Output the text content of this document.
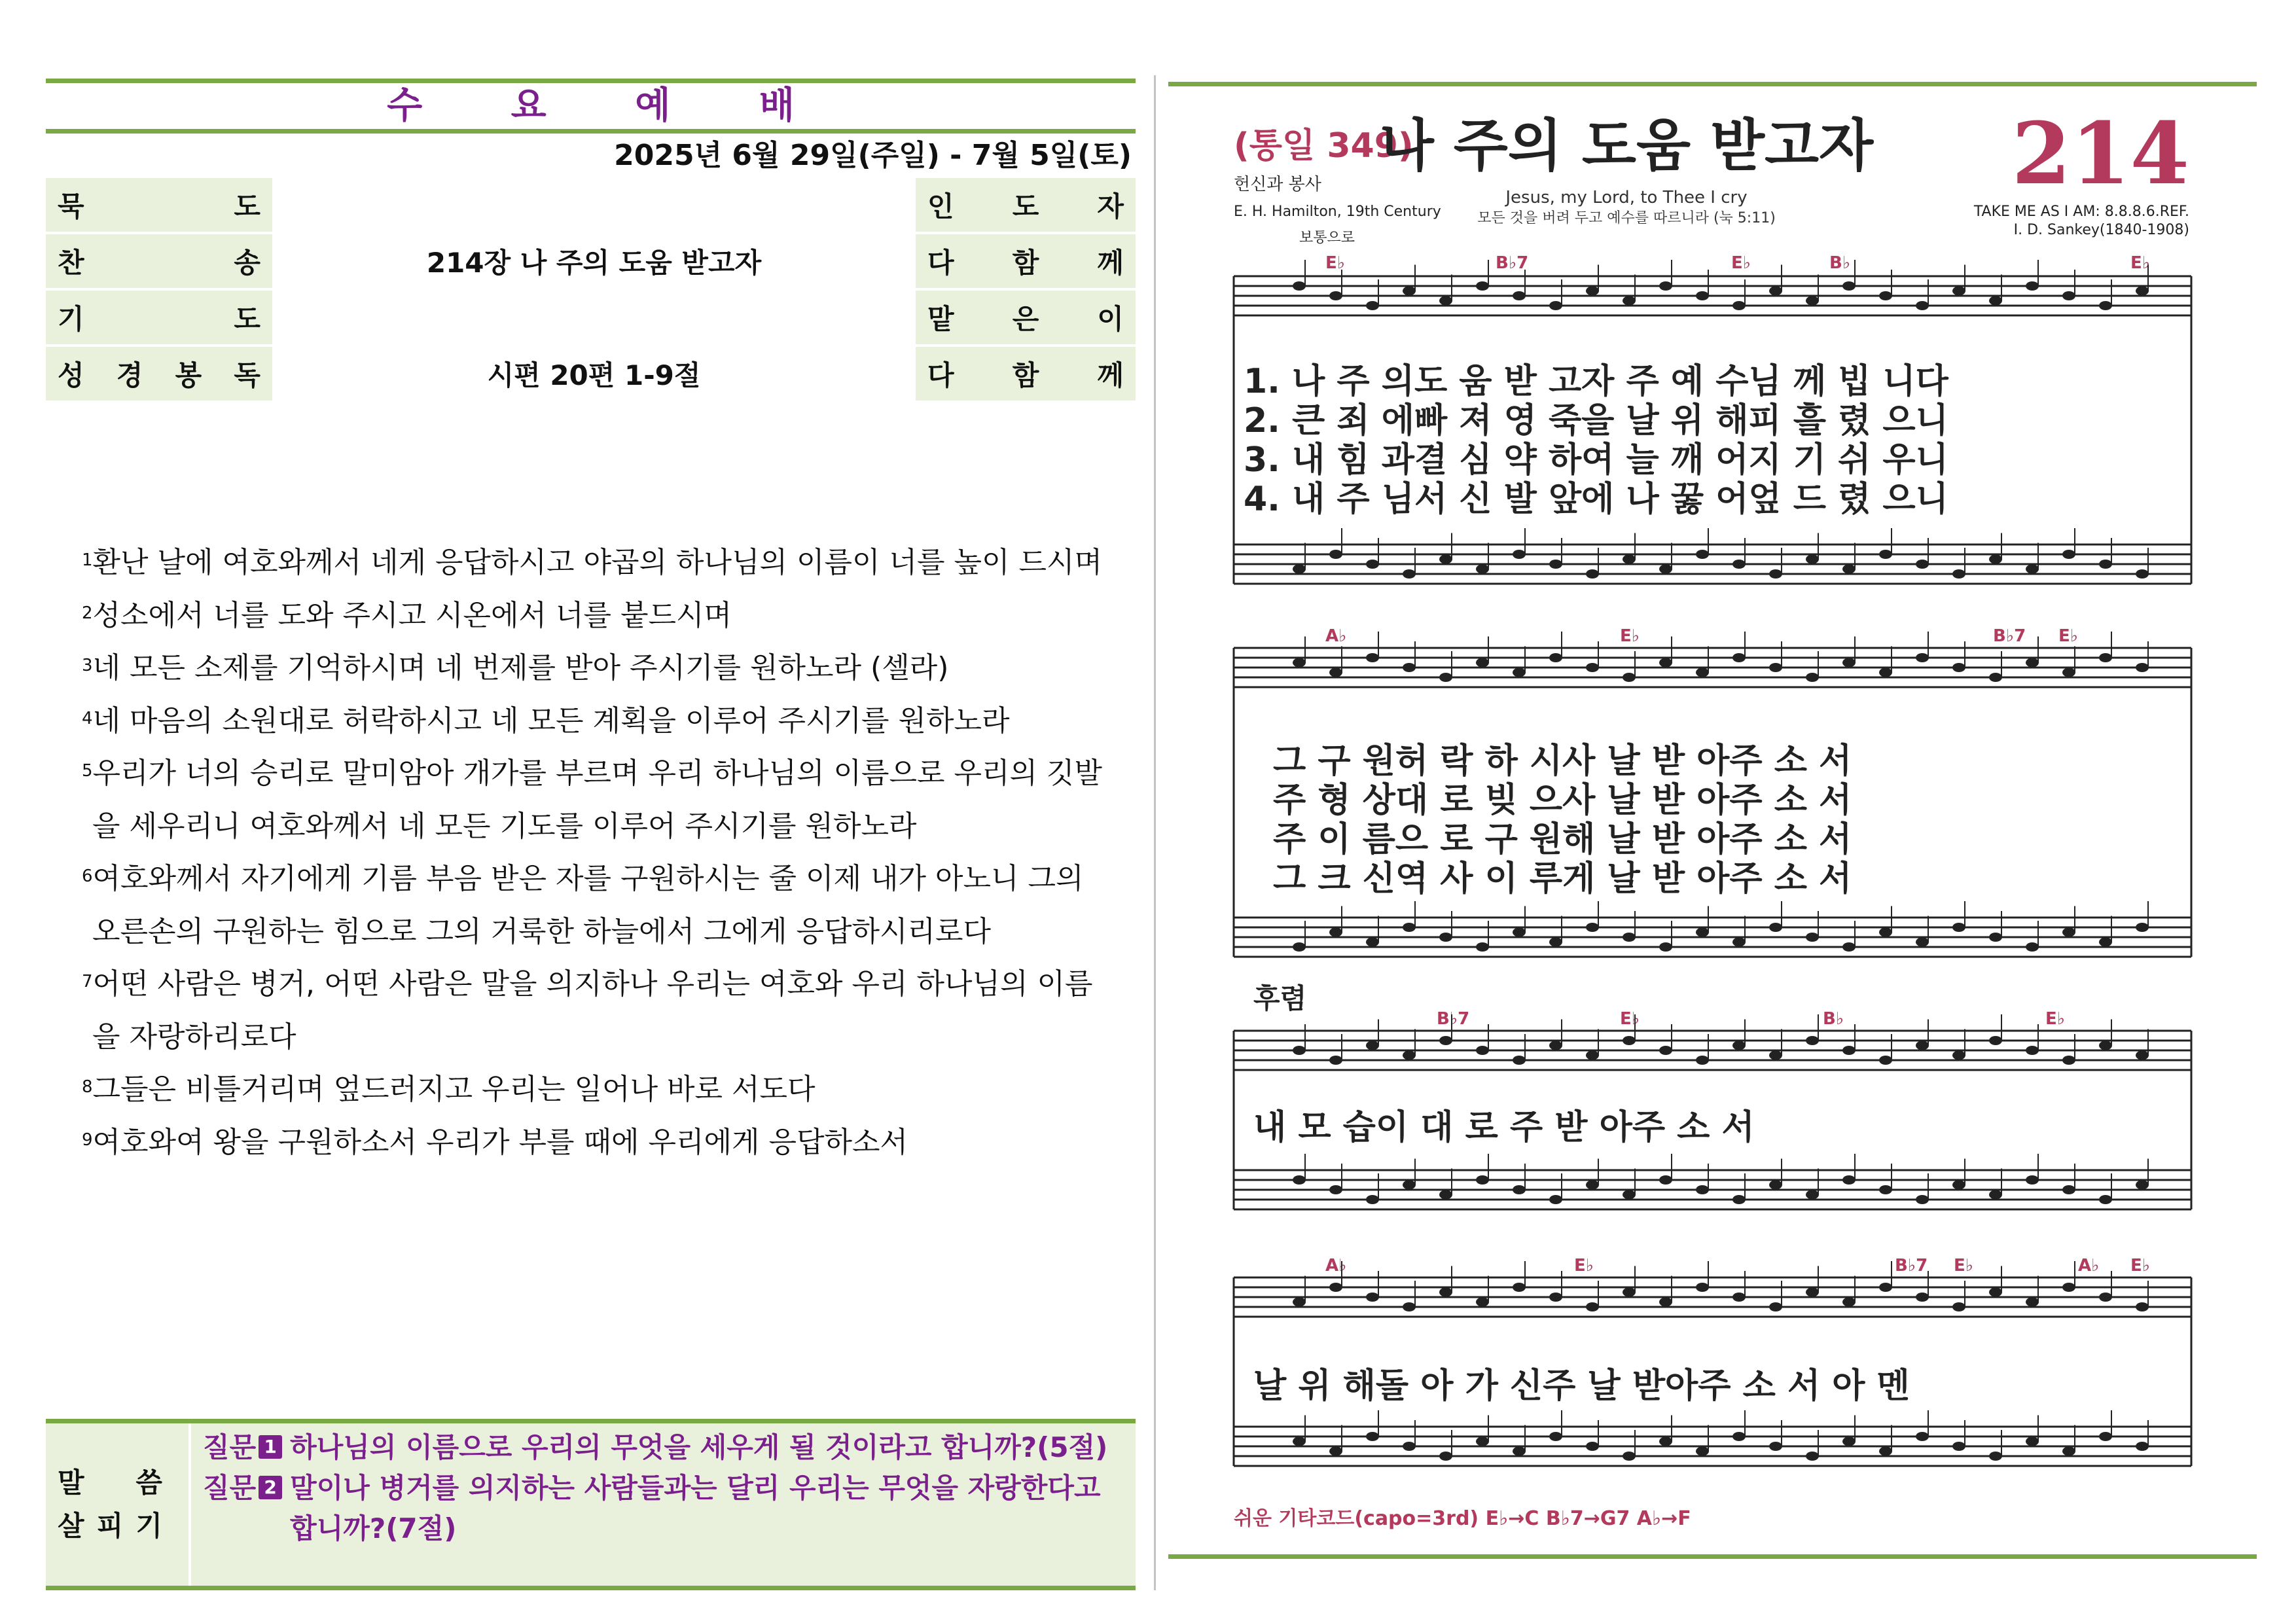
수 요 예 배
2025년 6월 29일(주일) - 7월 5일(토)
묵 도		인 도 자
찬 송	214장 나 주의 도움 받고자	다 함 께
기 도		맡 은 이
성 경 봉 독	시편 20편 1-9절	다 함 께

$^1$환난 날에 여호와께서 네게 응답하시고 야곱의 하나님의 이름이 너를 높이 드시며

$^2$성소에서 너를 도와 주시고 시온에서 너를 붙드시며

$^3$네 모든 소제를 기억하시며 네 번제를 받아 주시기를 원하노라 (셀라)

$^4$네 마음의 소원대로 허락하시고 네 모든 계획을 이루어 주시기를 원하노라

$^5$우리가 너의 승리로 말미암아 개가를 부르며 우리 하나님의 이름으로 우리의 깃발을 세우리니 여호와께서 네 모든 기도를 이루어 주시기를 원하노라

$^6$여호와께서 자기에게 기름 부음 받은 자를 구원하시는 줄 이제 내가 아노니 그의 오른손의 구원하는 힘으로 그의 거룩한 하늘에서 그에게 응답하시리로다

$^7$어떤 사람은 병거, 어떤 사람은 말을 의지하나 우리는 여호와 우리 하나님의 이름을 자랑하리로다

$^8$그들은 비틀거리며 엎드러지고 우리는 일어나 바로 서도다

$^9$여호와여 왕을 구원하소서 우리가 부를 때에 우리에게 응답하소서

말 씀
살 피 기
질문 1 하나님의 이름으로 우리의 무엇을 세우게 될 것이라고 합니까?(5절)
질문 2 말이나 병거를 의지하는 사람들과는 달리 우리는 무엇을 자랑한다고 합니까?(7절)
(통일 349)
나 주의 도움 받고자 214
헌신과 봉사
E. H. Hamilton, 19th Century
Jesus, my Lord, to Thee I cry
모든 것을 버려 두고 예수를 따르니라 (눅 5:11)	TAKE ME AS I AM: 8.8.8.6.REF.
I. D. Sankey(1840-1908)
보통으로
E♭	B♭7	E♭	B♭	E♭
1. 나 주 의도 움 받 고자 주 예 수님 께 빕 니다
2. 큰 죄 에빠 져 영 죽을 날 위 해피 흘 렸 으니
3. 내 힘 과결 심 약 하여 늘 깨 어지 기 쉬 우니
4. 내 주 님서 신 발 앞에 나 꿇 어엎 드 렸 으니
A♭	E♭	B♭7 E♭
그 구 원허 락 하 시사 날 받 아주 소 서
주 형 상대 로 빚 으사 날 받 아주 소 서
주 이 름으 로 구 원해 날 받 아주 소 서
그 크 신역 사 이 루게 날 받 아주 소 서
후렴
B♭7	E♭	B♭	E♭
내 모 습이 대 로 주 받 아주 소 서
A♭	E♭	B♭7 E♭	A♭ E♭
날 위 해돌 아 가 신주 날 받아주 소 서 아 멘
쉬운 기타코드(capo=3rd) E♭→C B♭7→G7 A♭→F
